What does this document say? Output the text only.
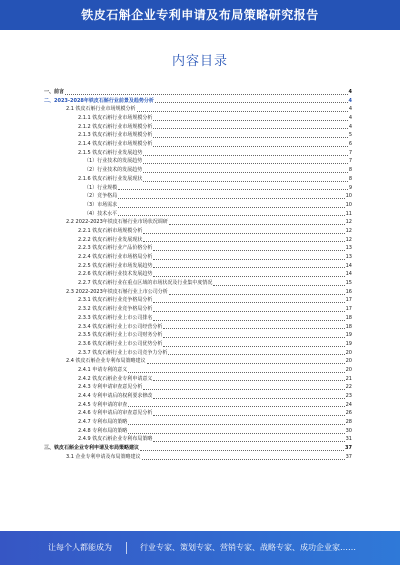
铁皮石斛企业专利申请及布局策略研究报告
内容目录
一、前言	4
二、2023-2028年铁皮石斛行业前景及趋势分析	4
2.1 铁皮石斛行业市场规模分析	4
2.1.1 铁皮石斛行业市场规模分析	4
2.1.2 铁皮石斛行业市场规模分析	4
2.1.3 铁皮石斛行业市场规模分析	5
2.1.4 铁皮石斛行业市场规模分析	6
2.1.5 铁皮石斛行业发展趋势	7
（1）行业技术的发展趋势	7
（2）行业技术的发展趋势	8
2.1.6 铁皮石斛行业发展现状	8
（1）行业规模	9
（2）竞争格局	10
（3）市场需求	10
（4）技术水平	11
2.2 2022-2023年铁皮石斛行业市场状况调研	12
2.2.1 铁皮石斛市场规模分析	12
2.2.2 铁皮石斛行业发展现状	12
2.2.3 铁皮石斛行业产品价格分析	13
2.2.4 铁皮石斛行业市场格局分析	13
2.2.5 铁皮石斛行业市场发展趋势	14
2.2.6 铁皮石斛行业技术发展趋势	14
2.2.7 铁皮石斛行业在重点区域的市场状况及行业集中度情况	15
2.3 2022-2023年铁皮石斛行业上市公司分析	16
2.3.1 铁皮石斛行业竞争格局分析	17
2.3.2 铁皮石斛行业竞争格局分析	17
2.3.3 铁皮石斛行业上市公司排名	18
2.3.4 铁皮石斛行业上市公司经营分析	18
2.3.5 铁皮石斛行业上市公司财务分析	19
2.3.6 铁皮石斛行业上市公司优势分析	19
2.3.7 铁皮石斛行业上市公司竞争力分析	20
2.4 铁皮石斛企业专利布局策略建议	20
2.4.1 申请专利的意义	20
2.4.2 铁皮石斛企业专利申请意义	21
2.4.3 专利申请审查意见分析	22
2.4.4 专利申请后的权利要求修改	23
2.4.5 专利申请的审查	24
2.4.6 专利申请后的审查意见分析	26
2.4.7 专利布局的策略	28
2.4.8 专利布局的策略	30
2.4.9 铁皮石斛企业专利布局策略	31
三、铁皮石斛企业专利申请及布局策略建议	37
3.1 企业专利申请及布局策略建议	37
让每个人都能成为	行业专家、策划专家、营销专家、战略专家、成功企业家……
